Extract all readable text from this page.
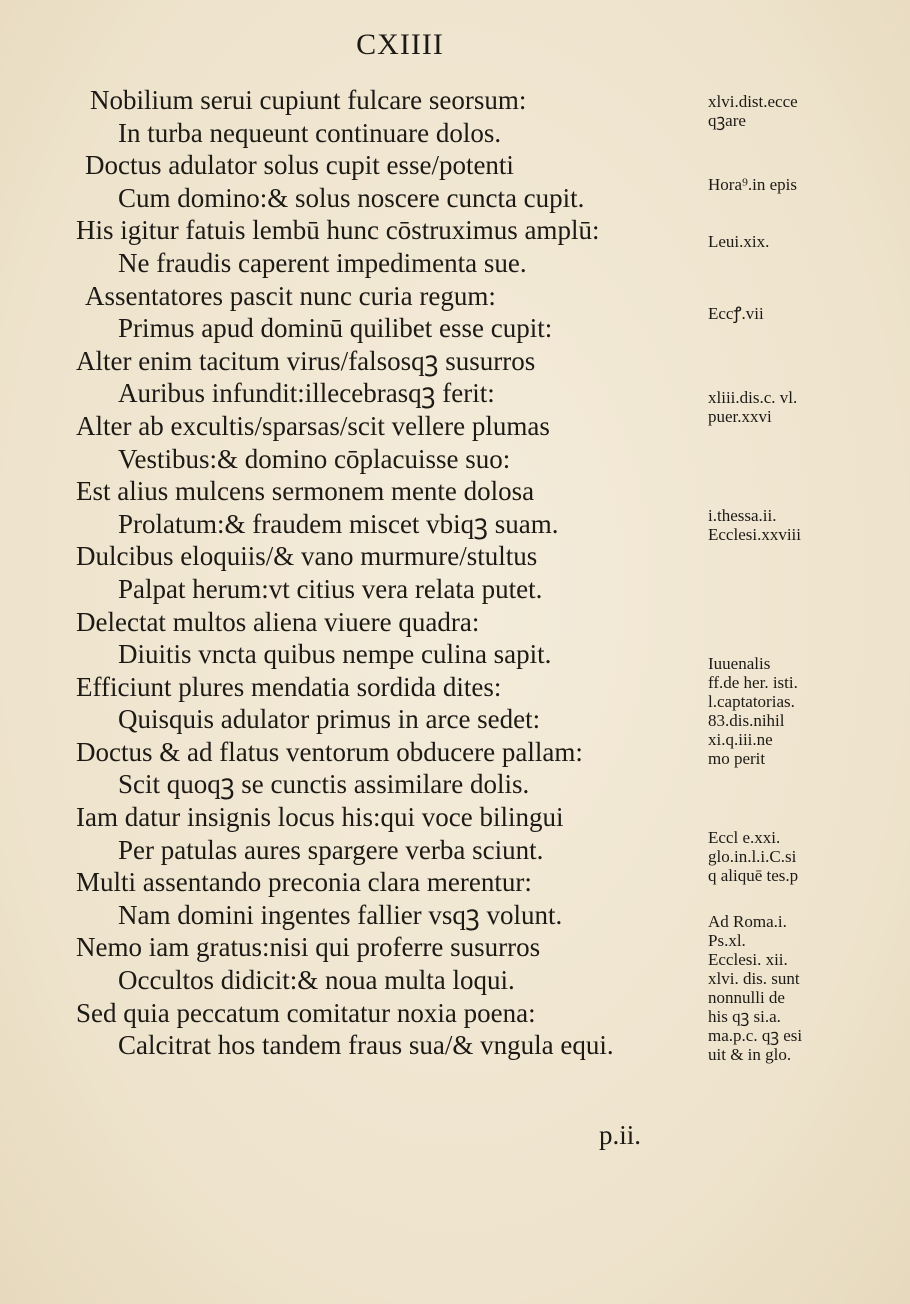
CXIIII
Nobilium serui cupiunt fulcare seorsum:
In turba nequeunt continuare dolos.
Doctus adulator solus cupit esse/potenti
Cum domino:& solus noscere cuncta cupit.
His igitur fatuis lembū hunc cōstruximus amplū:
Ne fraudis caperent impedimenta sue.
Assentatores pascit nunc curia regum:
Primus apud dominū quilibet esse cupit:
Alter enim tacitum virus/falsosqꝫ susurros
Auribus infundit:illecebrasqꝫ ferit:
Alter ab excultis/sparsas/scit vellere plumas
Vestibus:& domino cōplacuisse suo:
Est alius mulcens sermonem mente dolosa
Prolatum:& fraudem miscet vbiqꝫ suam.
Dulcibus eloquiis/& vano murmure/stultus
Palpat herum:vt citius vera relata putet.
Delectat multos aliena viuere quadra:
Diuitis vncta quibus nempe culina sapit.
Efficiunt plures mendatia sordida dites:
Quisquis adulator primus in arce sedet:
Doctus & ad flatus ventorum obducere pallam:
Scit quoqꝫ se cunctis assimilare dolis.
Iam datur insignis locus his:qui voce bilingui
Per patulas aures spargere verba sciunt.
Multi assentando preconia clara merentur:
Nam domini ingentes fallier vsqꝫ volunt.
Nemo iam gratus:nisi qui proferre susurros
Occultos didicit:& noua multa loqui.
Sed quia peccatum comitatur noxia poena:
Calcitrat hos tandem fraus sua/& vngula equi.
xlvi.dist.ecce
qꝫare
Hora⁹.in epis
Leui.xix.
Eccꝭ.vii
xliii.dis.c. vl.
puer.xxvi
i.thessa.ii.
Ecclesi.xxviii
Iuuenalis
ff.de her. isti.
l.captatorias.
83.dis.nihil
xi.q.iii.ne
mo perit
Eccl e.xxi.
glo.in.l.i.C.si
q aliquē tes.p
Ad Roma.i.
Ps.xl.
Ecclesi. xii.
xlvi. dis. sunt
nonnulli de
his qꝫ si.a.
ma.p.c. qꝫ esi
uit & in glo.
p.ii.
